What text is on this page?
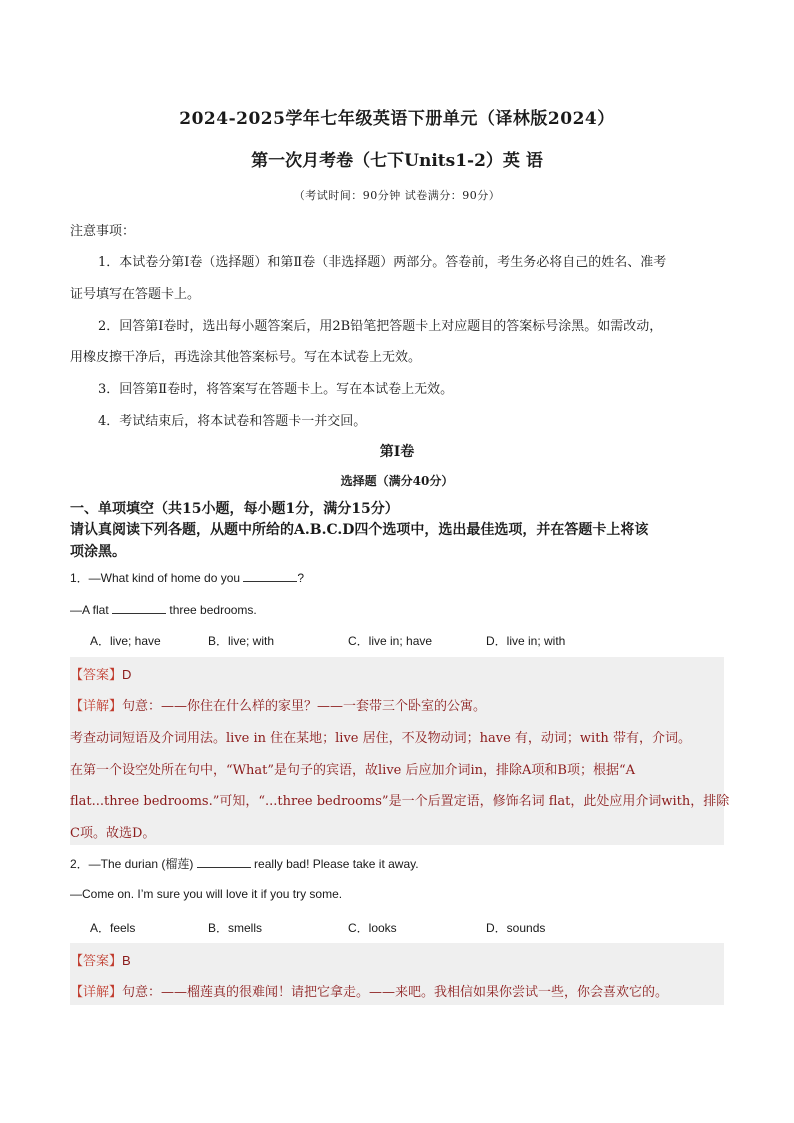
2024-2025学年七年级英语下册单元（译林版2024）
第一次月考卷（七下Units1-2）英 语
（考试时间：90分钟 试卷满分：90分）
注意事项：
1．本试卷分第Ⅰ卷（选择题）和第Ⅱ卷（非选择题）两部分。答卷前，考生务必将自己的姓名、准考
证号填写在答题卡上。
2．回答第Ⅰ卷时，选出每小题答案后，用2B铅笔把答题卡上对应题目的答案标号涂黑。如需改动，
用橡皮擦干净后，再选涂其他答案标号。写在本试卷上无效。
3．回答第Ⅱ卷时，将答案写在答题卡上。写在本试卷上无效。
4．考试结束后，将本试卷和答题卡一并交回。
第Ⅰ卷
选择题（满分40分）
一、单项填空（共15小题，每小题1分，满分15分）
请认真阅读下列各题，从题中所给的A.B.C.D四个选项中，选出最佳选项，并在答题卡上将该
项涂黑。
1．—What kind of home do you	?
—A flat	three bedrooms.
A．live; have	B．live; with	C．live in; have	D．live in; with
【答案】D
【详解】句意：——你住在什么样的家里？——一套带三个卧室的公寓。
考查动词短语及介词用法。live in 住在某地；live 居住，不及物动词；have 有，动词；with 带有，介词。
在第一个设空处所在句中，“What”是句子的宾语，故live 后应加介词in，排除A项和B项；根据“A
flat...three bedrooms.”可知，“...three bedrooms”是一个后置定语，修饰名词 flat，此处应用介词with，排除
C项。故选D。
2．—The durian (榴莲)	really bad! Please take it away.
—Come on. I’m sure you will love it if you try some.
A．feels	B．smells	C．looks	D．sounds
【答案】B
【详解】句意：——榴莲真的很难闻！请把它拿走。——来吧。我相信如果你尝试一些，你会喜欢它的。
